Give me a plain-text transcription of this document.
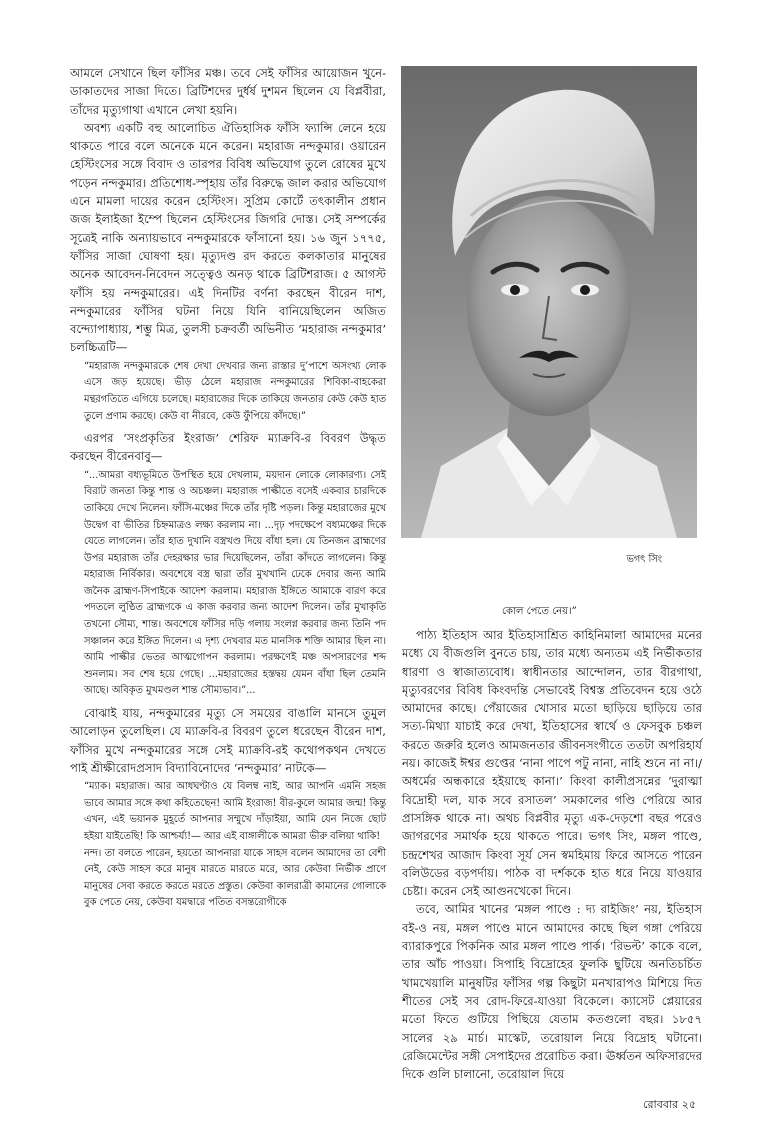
আমলে সেখানে ছিল ফাঁসির মঞ্চ। তবে সেই ফাঁসির আয়োজন খুনে-ডাকাতদের সাজা দিতে। ব্রিটিশদের দুর্ধর্ষ দুশমন ছিলেন যে বিপ্লবীরা, তাঁদের মৃত্যুগাথা এখানে লেখা হয়নি।

অবশ্য একটি বহু আলোচিত ঐতিহাসিক ফাঁসি ফ্যান্সি লেনে হয়ে থাকতে পারে বলে অনেকে মনে করেন। মহারাজ নন্দকুমার। ওয়ারেন হেস্টিংসের সঙ্গে বিবাদ ও তারপর বিবিধ অভিযোগ তুলে রোষের মুখে পড়েন নন্দকুমার। প্রতিশোধ-স্পৃহায় তাঁর বিরুদ্ধে জাল করার অভিযোগ এনে মামলা দায়ের করেন হেস্টিংস। সুপ্রিম কোর্টে তৎকালীন প্রধান জজ ইলাইজা ইম্পে ছিলেন হেস্টিংসের জিগরি দোস্ত। সেই সম্পর্কের সূত্রেই নাকি অন্যায়ভাবে নন্দকুমারকে ফাঁসানো হয়। ১৬ জুন ১৭৭৫, ফাঁসির সাজা ঘোষণা হয়। মৃত্যুদণ্ড রদ করতে কলকাতার মানুষের অনেক আবেদন-নিবেদন সত্ত্বেও অনড় থাকে ব্রিটিশরাজ। ৫ আগস্ট ফাঁসি হয় নন্দকুমারের। এই দিনটির বর্ণনা করছেন বীরেন দাশ, নন্দকুমারের ফাঁসির ঘটনা নিয়ে যিনি বানিয়েছিলেন অজিত বন্দ্যোপাধ্যায়, শম্ভু মিত্র, তুলসী চক্রবর্তী অভিনীত ‘মহারাজ নন্দকুমার’ চলচ্চিত্রটি—

“মহারাজ নন্দকুমারকে শেষ দেখা দেখবার জন্য রাস্তার দু’পাশে অসংখ্য লোক এসে জড় হয়েছে। ভীড় ঠেলে মহারাজ নন্দকুমারের শিবিকা-বাহকেরা মন্থরগতিতে এগিয়ে চলেছে। মহারাজের দিকে তাকিয়ে জনতার কেউ কেউ হাত তুলে প্রণাম করছে। কেউ বা নীরবে, কেউ ফুঁপিয়ে কাঁদছে।”

এরপর ‘সংপ্রকৃতির ইংরাজ’ শেরিফ ম্যাক্রবি-র বিবরণ উদ্ধৃত করছেন বীরেনবাবু—

“...আমরা বধ্যভূমিতে উপস্থিত হয়ে দেখলাম, ময়দান লোকে লোকারণ্য। সেই বিরাট জনতা কিন্তু শান্ত ও অচঞ্চল। মহারাজ পাল্কীতে বসেই একবার চারদিকে তাকিয়ে দেখে নিলেন। ফাঁসি-মঞ্চের দিকে তাঁর দৃষ্টি পড়ল। কিন্তু মহারাজের মুখে উদ্বেগ বা ভীতির চিহ্নমাত্রও লক্ষ্য করলাম না। ...দৃঢ় পদক্ষেপে বধ্যমঞ্চের দিকে যেতে লাগলেন। তাঁর হাত দুখানি বস্ত্রখণ্ড দিয়ে বাঁধা হল। যে তিনজন ব্রাহ্মণের উপর মহারাজ তাঁর দেহরক্ষার ভার দিয়েছিলেন, তাঁরা কাঁদতে লাগলেন। কিন্তু মহারাজ নির্বিকার। অবশেষে বস্ত্র দ্বারা তাঁর মুখখানি ঢেকে দেবার জন্য আমি জনৈক ব্রাহ্মণ-সিপাইকে আদেশ করলাম। মহারাজ ইঙ্গিতে আমাকে বারণ করে পদতলে লুণ্ঠিত ব্রাহ্মণকে এ কাজ করবার জন্য আদেশ দিলেন। তাঁর মুখাকৃতি তখনো সৌম্য, শান্ত। অবশেষে ফাঁসির দড়ি গলায় সংলগ্ন করবার জন্য তিনি পদ সঞ্চালন করে ইঙ্গিত দিলেন। এ দৃশ্য দেখবার মত মানসিক শক্তি আমার ছিল না। আমি পাল্কীর ভেতর আত্মগোপন করলাম। পরক্ষণেই মঞ্চ অপসারণের শব্দ শুনলাম। সব শেষ হয়ে গেছে। ...মহারাজের হস্তদ্বয় যেমন বাঁধা ছিল তেমনি আছে। অবিকৃত মুখমণ্ডল শান্ত সৌম্যভাব।”...

বোঝাই যায়, নন্দকুমারের মৃত্যু সে সময়ের বাঙালি মানসে তুমুল আলোড়ন তুলেছিল। যে ম্যাক্রবি-র বিবরণ তুলে ধরেছেন বীরেন দাশ, ফাঁসির মুখে নন্দকুমারের সঙ্গে সেই ম্যাক্রবি-রই কথোপকথন দেখতে পাই শ্রীক্ষীরোদপ্রসাদ বিদ্যাবিনোদের ‘নন্দকুমার’ নাটকে—

“ম্যাক। মহারাজ। আর আধঘণ্টাও যে বিলম্ব নাই, আর আপনি এমনি সহজ ভাবে আমার সঙ্গে কথা কহিতেছেন! আমি ইংরাজ! বীর-কুলে আমার জন্ম! কিন্তু এখন, এই ভয়ানক মুহূর্তে আপনার সম্মুখে দাঁড়াইয়া, আমি যেন নিজে ছোট হইয়া যাইতেছি! কি আশ্চর্য্য!— আর এই বাঙ্গালীকে আমরা ভীরু বলিয়া থাকি!

নন্দ। তা বলতে পারেন, হয়তো আপনারা যাকে সাহস বলেন আমাদের তা বেশী নেই, কেউ সাহস করে মানুষ মারতে মারতে মরে, আর কেউবা নির্ভীক প্রাণে মানুষের সেবা করতে করতে মরতে প্রস্তুত। কেউবা কালরাত্রী কামানের গোলাকে বুক পেতে নেয়, কেউবা যমদ্বারে পতিত বসন্তরোগীকে

ভগৎ সিং

কোল পেতে নেয়।”

পাঠ্য ইতিহাস আর ইতিহাসাশ্রিত কাহিনিমালা আমাদের মনের মধ্যে যে বীজগুলি বুনতে চায়, তার মধ্যে অন্যতম এই নির্ভীকতার ধারণা ও স্বাজাত্যবোধ। স্বাধীনতার আন্দোলন, তার বীরগাথা, মৃত্যুবরণের বিবিধ কিংবদন্তি সেভাবেই বিশ্বস্ত প্রতিবেদন হয়ে ওঠে আমাদের কাছে। পেঁয়াজের খোসার মতো ছাড়িয়ে ছাড়িয়ে তার সত্য-মিথ্যা যাচাই করে দেখা, ইতিহাসের স্বার্থে ও ফেসবুক চঞ্চল করতে জরুরি হলেও আমজনতার জীবনসংগীতে ততটা অপরিহার্য নয়। কাজেই ঈশ্বর গুপ্তের ‘নানা পাপে পটু নানা, নাহি শুনে না না।/ অধর্মের অন্ধকারে হইয়াছে কানা।’ কিংবা কালীপ্রসন্নের ‘দুরাত্মা বিদ্রোহী দল, যাক সবে রসাতল’ সমকালের গণ্ডি পেরিয়ে আর প্রাসঙ্গিক থাকে না। অথচ বিপ্লবীর মৃত্যু এক-দেড়শো বছর পরেও জাগরণের সমার্থক হয়ে থাকতে পারে। ভগৎ সিং, মঙ্গল পাণ্ডে, চন্দ্রশেখর আজাদ কিংবা সূর্য সেন স্বমহিমায় ফিরে আসতে পারেন বলিউডের বড়পর্দায়। পাঠক বা দর্শককে হাত ধরে নিয়ে যাওয়ার চেষ্টা। করেন সেই আগুনখেকো দিনে।

তবে, আমির খানের ‘মঙ্গল পাণ্ডে : দ্য রাইজিং’ নয়, ইতিহাস বই-ও নয়, মঙ্গল পাণ্ডে মানে আমাদের কাছে ছিল গঙ্গা পেরিয়ে ব্যারাকপুরে পিকনিক আর মঙ্গল পাণ্ডে পার্ক। ‘রিভল্ট’ কাকে বলে, তার আঁচ পাওয়া। সিপাহি বিদ্রোহের ফুলকি ছুটিয়ে অনতিচর্চিত খামখেয়ালি মানুষটির ফাঁসির গল্প কিছুটা মনখারাপও মিশিয়ে দিত শীতের সেই সব রোদ-ফিরে-যাওয়া বিকেলে। ক্যাসেট প্লেয়ারের মতো ফিতে গুটিয়ে পিছিয়ে যেতাম কতগুলো বছর। ১৮৫৭ সালের ২৯ মার্চ। মাস্কেট, তরোয়াল নিয়ে বিদ্রোহ ঘটানো। রেজিমেন্টের সঙ্গী সেপাইদের প্ররোচিত করা। ঊর্ধ্বতন অফিসারদের দিকে গুলি চালানো, তরোয়াল দিয়ে

রোববার ২৫
